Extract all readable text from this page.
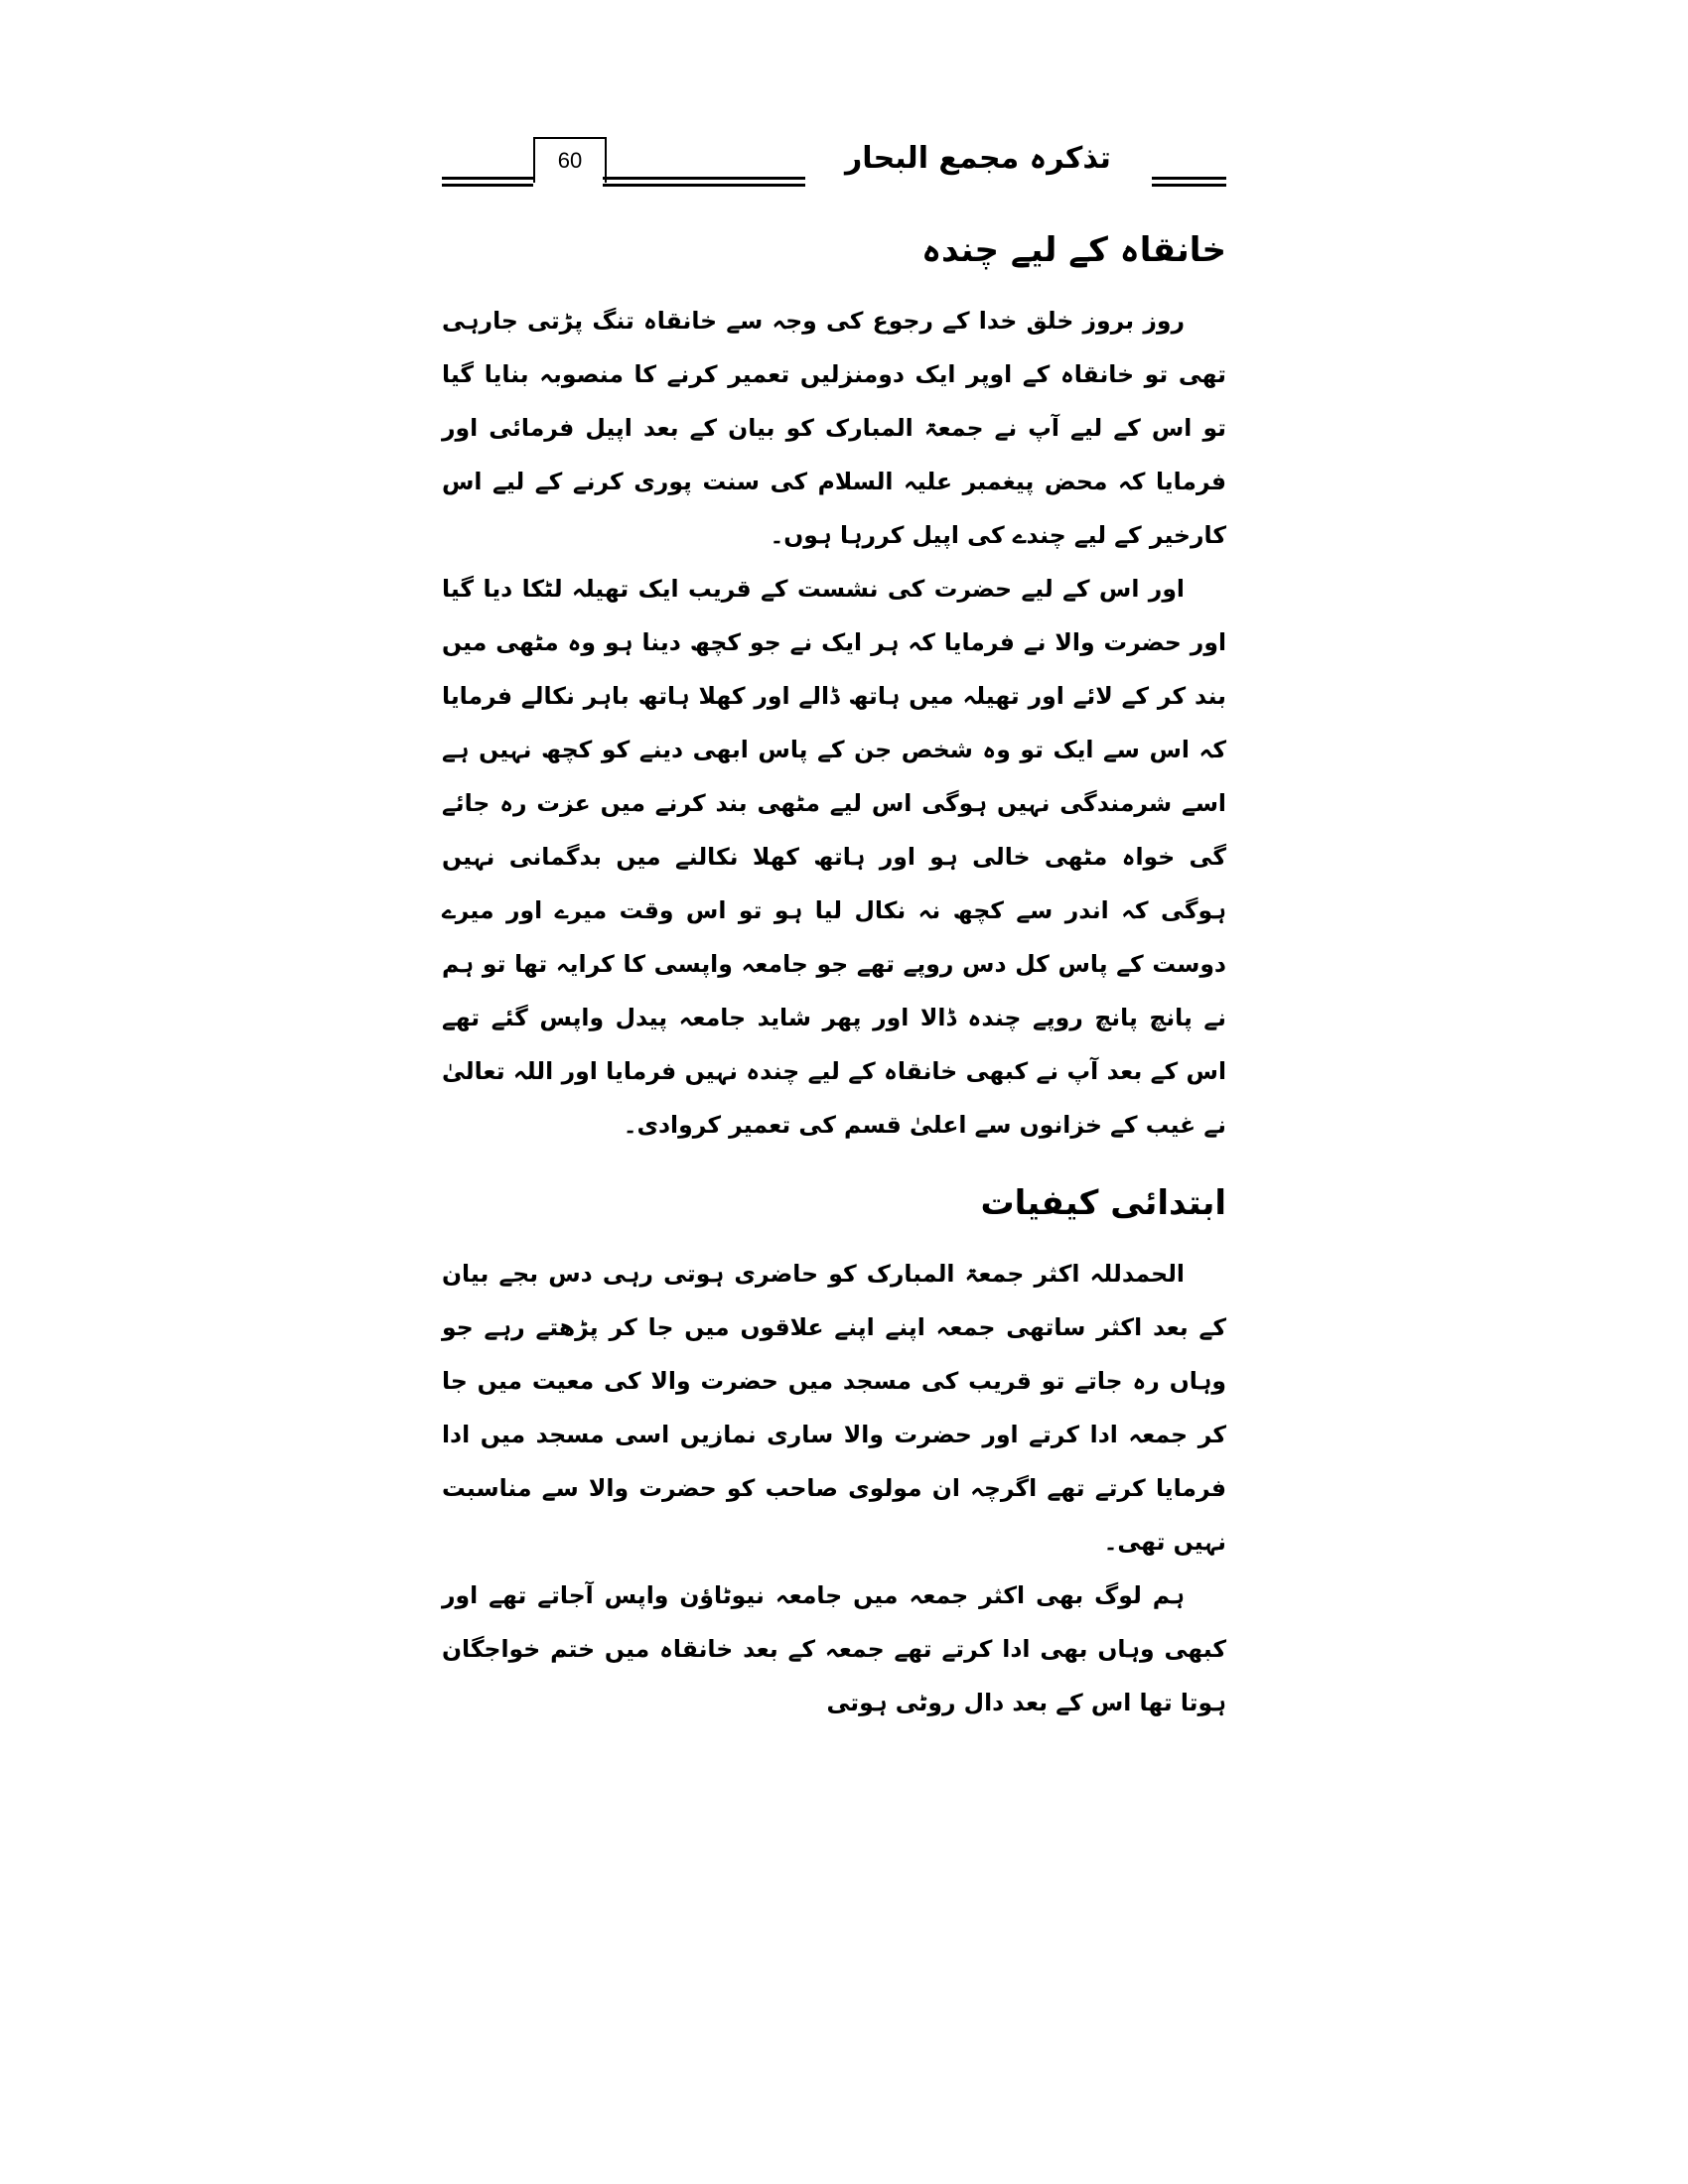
60	تذکرہ مجمع البحار
خانقاہ کے لیے چندہ

روز بروز خلق خدا کے رجوع کی وجہ سے خانقاہ تنگ پڑتی جارہی تھی تو خانقاہ کے اوپر ایک دومنزلیں تعمیر کرنے کا منصوبہ بنایا گیا تو اس کے لیے آپ نے جمعۃ المبارک کو بیان کے بعد اپیل فرمائی اور فرمایا کہ محض پیغمبر علیہ السلام کی سنت پوری کرنے کے لیے اس کارخیر کے لیے چندے کی اپیل کررہا ہوں۔

اور اس کے لیے حضرت کی نشست کے قریب ایک تھیلہ لٹکا دیا گیا اور حضرت والا نے فرمایا کہ ہر ایک نے جو کچھ دینا ہو وہ مٹھی میں بند کر کے لائے اور تھیلہ میں ہاتھ ڈالے اور کھلا ہاتھ باہر نکالے فرمایا کہ اس سے ایک تو وہ شخص جن کے پاس ابھی دینے کو کچھ نہیں ہے اسے شرمندگی نہیں ہوگی اس لیے مٹھی بند کرنے میں عزت رہ جائے گی خواہ مٹھی خالی ہو اور ہاتھ کھلا نکالنے میں بدگمانی نہیں ہوگی کہ اندر سے کچھ نہ نکال لیا ہو تو اس وقت میرے اور میرے دوست کے پاس کل دس روپے تھے جو جامعہ واپسی کا کرایہ تھا تو ہم نے پانچ پانچ روپے چندہ ڈالا اور پھر شاید جامعہ پیدل واپس گئے تھے اس کے بعد آپ نے کبھی خانقاہ کے لیے چندہ نہیں فرمایا اور اللہ تعالیٰ نے غیب کے خزانوں سے اعلیٰ قسم کی تعمیر کروادی۔

ابتدائی کیفیات

الحمدللہ اکثر جمعۃ المبارک کو حاضری ہوتی رہی دس بجے بیان کے بعد اکثر ساتھی جمعہ اپنے اپنے علاقوں میں جا کر پڑھتے رہے جو وہاں رہ جاتے تو قریب کی مسجد میں حضرت والا کی معیت میں جا کر جمعہ ادا کرتے اور حضرت والا ساری نمازیں اسی مسجد میں ادا فرمایا کرتے تھے اگرچہ ان مولوی صاحب کو حضرت والا سے مناسبت نہیں تھی۔

ہم لوگ بھی اکثر جمعہ میں جامعہ نیوٹاؤن واپس آجاتے تھے اور کبھی وہاں بھی ادا کرتے تھے جمعہ کے بعد خانقاہ میں ختم خواجگان ہوتا تھا اس کے بعد دال روٹی ہوتی
